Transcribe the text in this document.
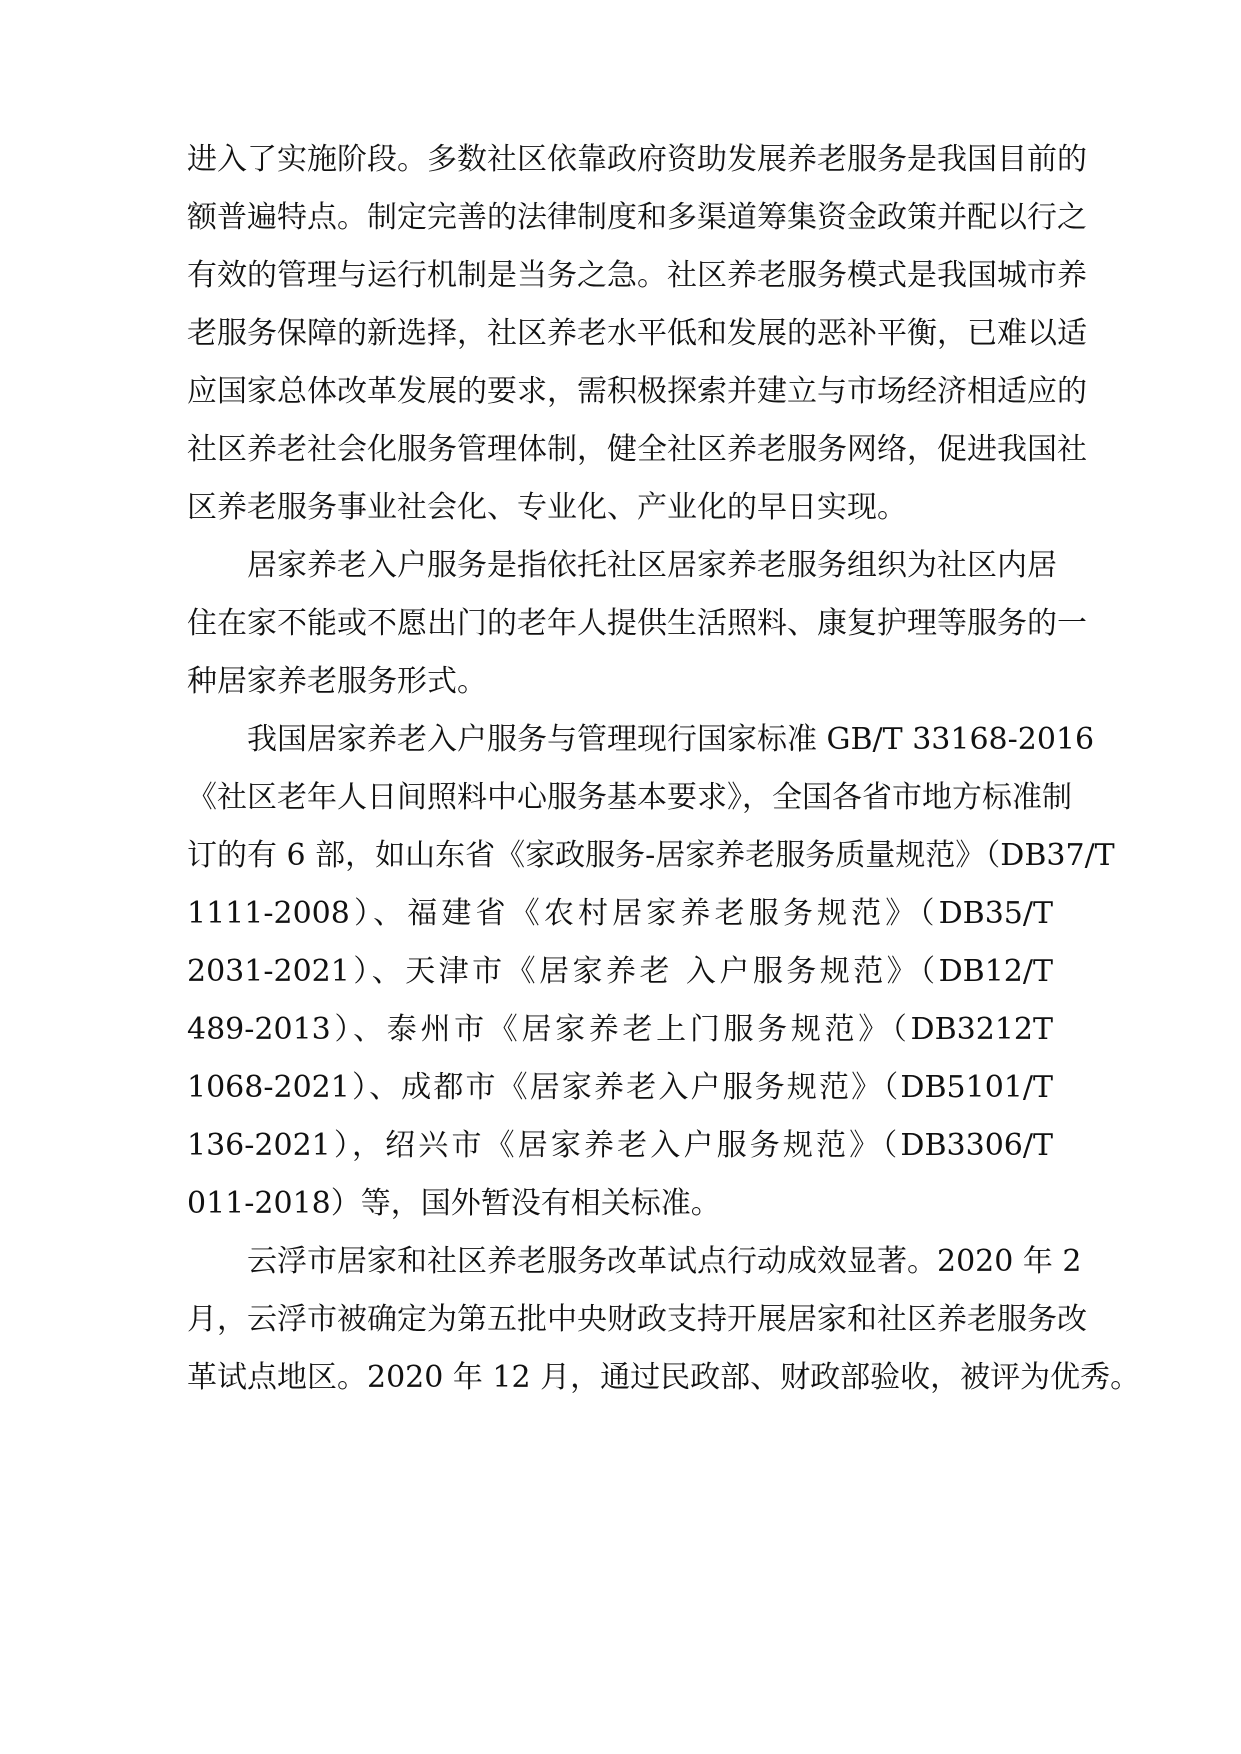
进入了实施阶段。多数社区依靠政府资助发展养老服务是我国目前的
额普遍特点。制定完善的法律制度和多渠道筹集资金政策并配以行之
有效的管理与运行机制是当务之急。社区养老服务模式是我国城市养
老服务保障的新选择，社区养老水平低和发展的恶补平衡，已难以适
应国家总体改革发展的要求，需积极探索并建立与市场经济相适应的
社区养老社会化服务管理体制，健全社区养老服务网络，促进我国社
区养老服务事业社会化、专业化、产业化的早日实现。
居家养老入户服务是指依托社区居家养老服务组织为社区内居
住在家不能或不愿出门的老年人提供生活照料、康复护理等服务的一
种居家养老服务形式。
我国居家养老入户服务与管理现行国家标准 GB/T 33168-2016
《社区老年人日间照料中心服务基本要求》，全国各省市地方标准制
订的有 6 部，如山东省《家政服务-居家养老服务质量规范》（DB37/T
1111-2008）、福建省《农村居家养老服务规范》（DB35/T
2031-2021）、天津市《居家养老 入户服务规范》（DB12/T
489-2013）、泰州市《居家养老上门服务规范》（DB3212T
1068-2021）、成都市《居家养老入户服务规范》（DB5101/T
136-2021），绍兴市《居家养老入户服务规范》（DB3306/T
011-2018）等，国外暂没有相关标准。
云浮市居家和社区养老服务改革试点行动成效显著。2020 年 2
月，云浮市被确定为第五批中央财政支持开展居家和社区养老服务改
革试点地区。2020 年 12 月，通过民政部、财政部验收，被评为优秀。
